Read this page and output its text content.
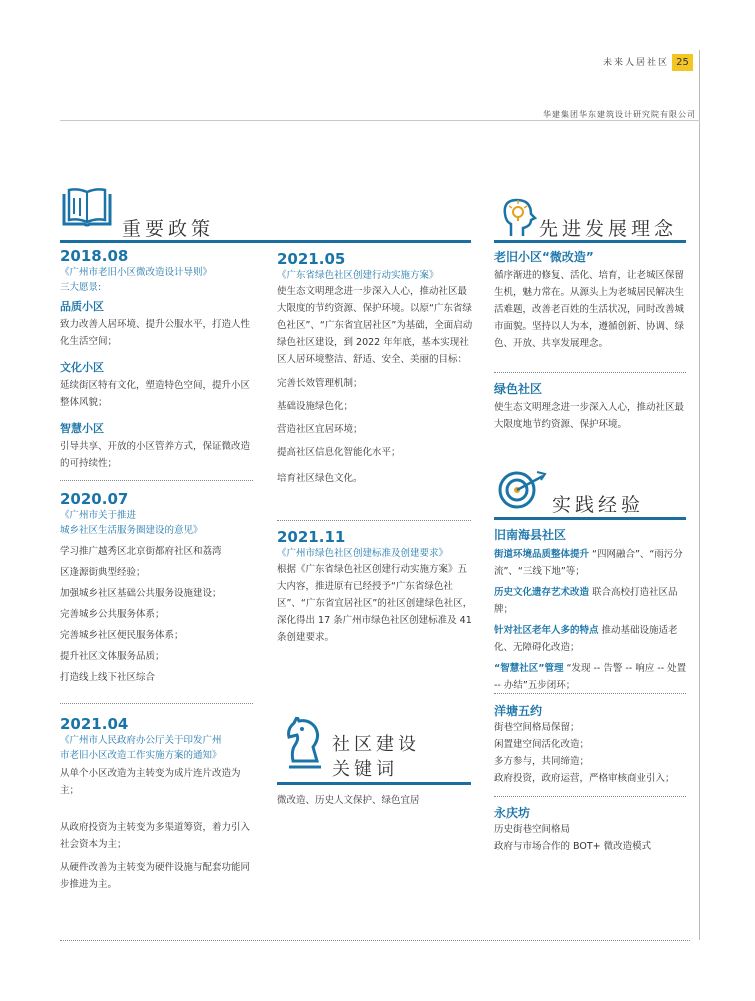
未来人居社区 25
华建集团华东建筑设计研究院有限公司
重要政策	先进发展理念
2018.08
《广州市老旧小区微改造设计导则》
三大愿景:
品质小区

致力改善人居环境、提升公服水平，打造人性化生活空间；

文化小区

延续街区特有文化，塑造特色空间，提升小区整体风貌；

智慧小区

引导共享、开放的小区管养方式，保证微改造的可持续性；

2020.07
《广州市关于推进
城乡社区生活服务圈建设的意见》

学习推广越秀区北京街都府社区和荔湾

区逢源街典型经验；

加强城乡社区基础公共服务设施建设；

完善城乡公共服务体系；

完善城乡社区便民服务体系；

提升社区文体服务品质；

打造线上线下社区综合

2021.04
《广州市人民政府办公厅关于印发广州
市老旧小区改造工作实施方案的通知》

从单个小区改造为主转变为成片连片改造为主；

从政府投资为主转变为多渠道筹资，着力引入社会资本为主；

从硬件改善为主转变为硬件设施与配套功能同步推进为主。

2021.05
《广东省绿色社区创建行动实施方案》

使生态文明理念进一步深入人心，推动社区最大限度的节约资源、保护环境。以原“广东省绿色社区”、“广东省宜居社区”为基础，全面启动绿色社区建设，到 2022 年年底，基本实现社区人居环境整洁、舒适、安全、美丽的目标：

完善长效管理机制；

基础设施绿色化；

营造社区宜居环境；

提高社区信息化智能化水平；

培育社区绿色文化。

2021.11
《广州市绿色社区创建标准及创建要求》

根据《广东省绿色社区创建行动实施方案》五大内容，推进原有已经授予“广东省绿色社区”、“广东省宜居社区”的社区创建绿色社区，深化得出 17 条广州市绿色社区创建标准及 41 条创建要求。

社区建设
关键词
微改造、历史人文保护、绿色宜居
老旧小区“微改造”

循序渐进的修复、活化、培育，让老城区保留生机，魅力常在。从源头上为老城居民解决生活难题，改善老百姓的生活状况，同时改善城市面貌。坚持以人为本，遵循创新、协调、绿色、开放、共享发展理念。

绿色社区

使生态文明理念进一步深入人心，推动社区最大限度地节约资源、保护环境。

实践经验
旧南海县社区

街道环境品质整体提升 “四网融合”、“雨污分流”、“三线下地”等；

历史文化遗存艺术改造 联合高校打造社区品牌；

针对社区老年人多的特点 推动基础设施适老化、无障碍化改造；

“智慧社区”管理 “发现 -- 告警 -- 响应 -- 处置 -- 办结”五步闭环；

洋塘五约

街巷空间格局保留；

闲置建空间活化改造；

多方参与，共同缔造；

政府投资，政府运营，严格审核商业引入；

永庆坊

历史街巷空间格局

政府与市场合作的 BOT+ 微改造模式
